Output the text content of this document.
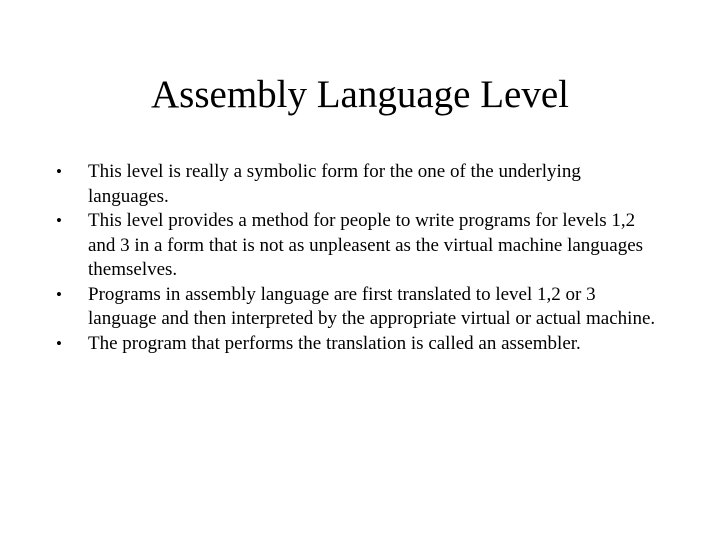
Assembly Language Level
•	This level is really a symbolic form for the one of the underlying languages.
•	This level provides a method for people to write programs for levels 1,2 and 3 in a form that is not as unpleasent as the virtual machine languages themselves.
•	Programs in assembly language are first translated to level 1,2 or 3 language and then interpreted by the appropriate virtual or actual machine.
•	The program that performs the translation is called an assembler.
